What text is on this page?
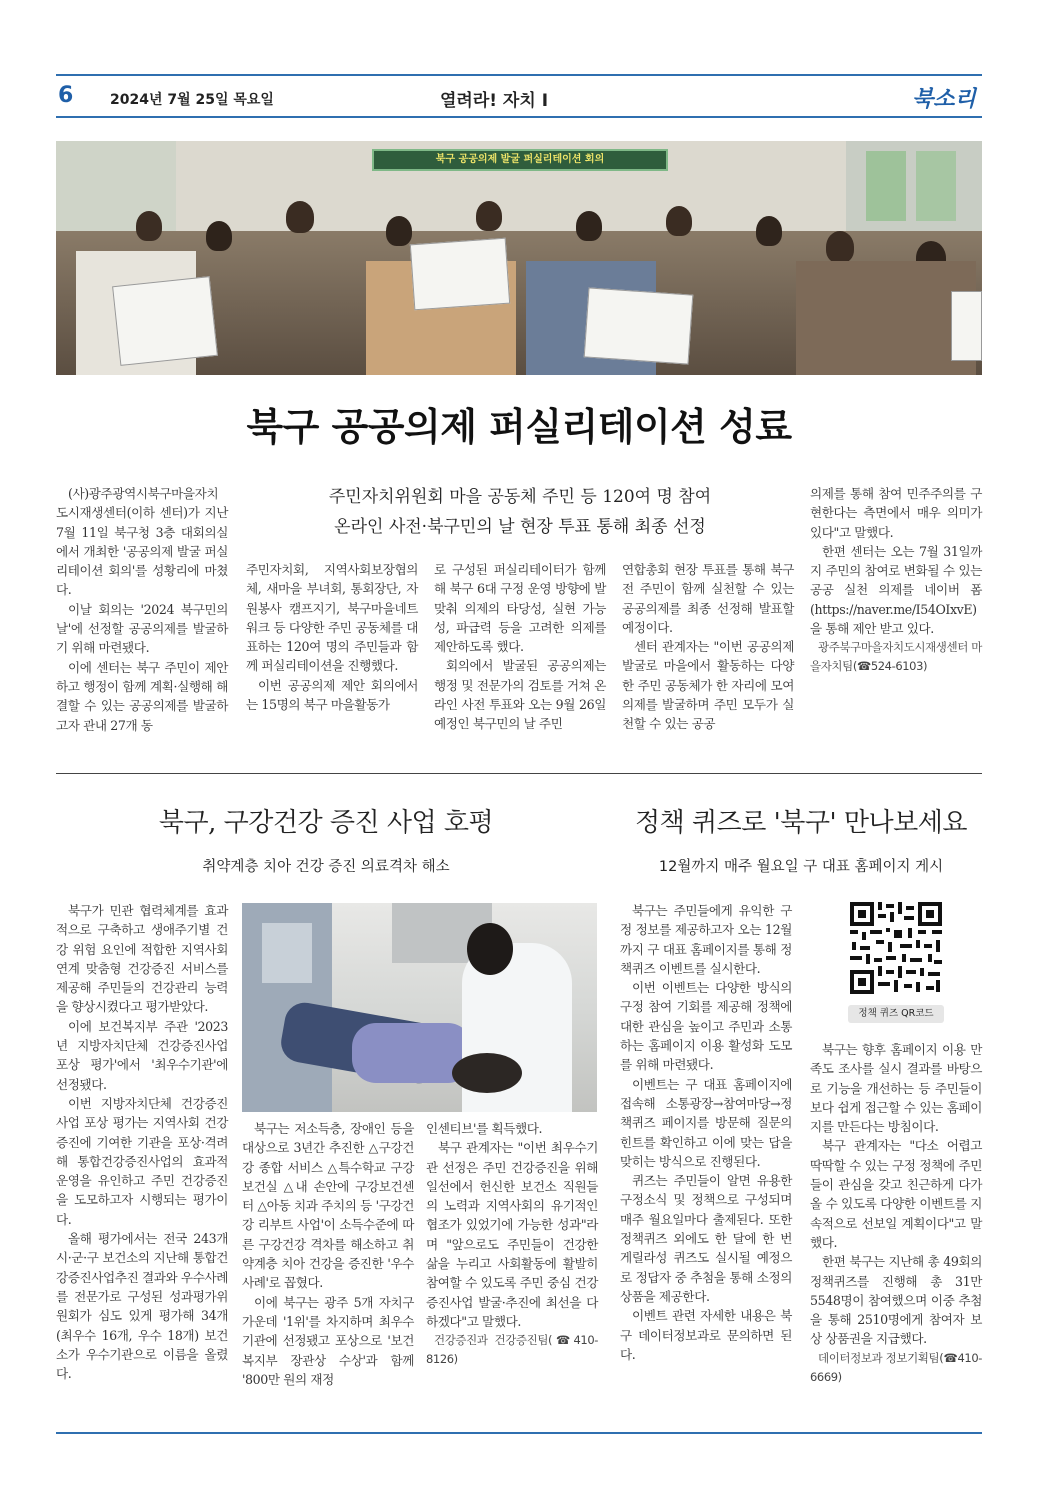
6	2024년 7월 25일 목요일	열려라! 자치 Ⅰ	북소리
북구 공공의제 발굴 퍼실리테이션 회의
북구 공공의제 퍼실리테이션 성료
주민자치위원회 마을 공동체 주민 등 120여 명 참여
온라인 사전·북구민의 날 현장 투표 통해 최종 선정

(사)광주광역시북구마을자치도시재생센터(이하 센터)가 지난 7월 11일 북구청 3층 대회의실에서 개최한 '공공의제 발굴 퍼실리테이션 회의'를 성황리에 마쳤다.

이날 회의는 '2024 북구민의 날'에 선정할 공공의제를 발굴하기 위해 마련됐다.

이에 센터는 북구 주민이 제안하고 행정이 함께 계획·실행해 해결할 수 있는 공공의제를 발굴하고자 관내 27개 동

주민자치회, 지역사회보장협의체, 새마을 부녀회, 통회장단, 자원봉사 캠프지기, 북구마을네트워크 등 다양한 주민 공동체를 대표하는 120여 명의 주민들과 함께 퍼실리테이션을 진행했다.

이번 공공의제 제안 회의에서는 15명의 북구 마을활동가

로 구성된 퍼실리테이터가 함께해 북구 6대 구정 운영 방향에 발맞춰 의제의 타당성, 실현 가능성, 파급력 등을 고려한 의제를 제안하도록 했다.

회의에서 발굴된 공공의제는 행정 및 전문가의 검토를 거쳐 온라인 사전 투표와 오는 9월 26일 예정인 북구민의 날 주민

연합총회 현장 투표를 통해 북구 전 주민이 함께 실천할 수 있는 공공의제를 최종 선정해 발표할 예정이다.

센터 관계자는 "이번 공공의제 발굴로 마을에서 활동하는 다양한 주민 공동체가 한 자리에 모여 의제를 발굴하며 주민 모두가 실천할 수 있는 공공

의제를 통해 참여 민주주의를 구현한다는 측면에서 매우 의미가 있다"고 말했다.

한편 센터는 오는 7월 31일까지 주민의 참여로 변화될 수 있는 공공 실천 의제를 네이버 폼(https://naver.me/I54OIxvE)을 통해 제안 받고 있다.

광주북구마을자치도시재생센터 마을자치팀(☎524-6103)

북구, 구강건강 증진 사업 호평
취약계층 치아 건강 증진 의료격차 해소

북구가 민관 협력체계를 효과적으로 구축하고 생애주기별 건강 위험 요인에 적합한 지역사회 연계 맞춤형 건강증진 서비스를 제공해 주민들의 건강관리 능력을 향상시켰다고 평가받았다.

이에 보건복지부 주관 '2023년 지방자치단체 건강증진사업 포상 평가'에서 '최우수기관'에 선정됐다.

이번 지방자치단체 건강증진사업 포상 평가는 지역사회 건강증진에 기여한 기관을 포상·격려해 통합건강증진사업의 효과적 운영을 유인하고 주민 건강증진을 도모하고자 시행되는 평가이다.

올해 평가에서는 전국 243개 시·군·구 보건소의 지난해 통합건강증진사업추진 결과와 우수사례를 전문가로 구성된 성과평가위원회가 심도 있게 평가해 34개(최우수 16개, 우수 18개) 보건소가 우수기관으로 이름을 올렸다.

북구는 저소득층, 장애인 등을 대상으로 3년간 추진한 △구강건강 종합 서비스 △특수학교 구강보건실 △내 손안에 구강보건센터 △아동 치과 주치의 등 '구강건강 리부트 사업'이 소득수준에 따른 구강건강 격차를 해소하고 취약계층 치아 건강을 증진한 '우수사례'로 꼽혔다.

이에 북구는 광주 5개 자치구 가운데 '1위'를 차지하며 최우수기관에 선정됐고 포상으로 '보건복지부 장관상 수상'과 함께 '800만 원의 재정

인센티브'를 획득했다.

북구 관계자는 "이번 최우수기관 선정은 주민 건강증진을 위해 일선에서 헌신한 보건소 직원들의 노력과 지역사회의 유기적인 협조가 있었기에 가능한 성과"라며 "앞으로도 주민들이 건강한 삶을 누리고 사회활동에 활발히 참여할 수 있도록 주민 중심 건강증진사업 발굴·추진에 최선을 다하겠다"고 말했다.

건강증진과 건강증진팀(☎410-8126)

정책 퀴즈로 '북구' 만나보세요
12월까지 매주 월요일 구 대표 홈페이지 게시

북구는 주민들에게 유익한 구정 정보를 제공하고자 오는 12월까지 구 대표 홈페이지를 통해 정책퀴즈 이벤트를 실시한다.

이번 이벤트는 다양한 방식의 구정 참여 기회를 제공해 정책에 대한 관심을 높이고 주민과 소통하는 홈페이지 이용 활성화 도모를 위해 마련됐다.

이벤트는 구 대표 홈페이지에 접속해 소통광장→참여마당→정책퀴즈 페이지를 방문해 질문의 힌트를 확인하고 이에 맞는 답을 맞히는 방식으로 진행된다.

퀴즈는 주민들이 알면 유용한 구정소식 및 정책으로 구성되며 매주 월요일마다 출제된다. 또한 정책퀴즈 외에도 한 달에 한 번 게릴라성 퀴즈도 실시될 예정으로 정답자 중 추첨을 통해 소정의 상품을 제공한다.

이벤트 관련 자세한 내용은 북구 데이터정보과로 문의하면 된다.

정책 퀴즈 QR코드

북구는 향후 홈페이지 이용 만족도 조사를 실시 결과를 바탕으로 기능을 개선하는 등 주민들이 보다 쉽게 접근할 수 있는 홈페이지를 만든다는 방침이다.

북구 관계자는 "다소 어렵고 딱딱할 수 있는 구정 정책에 주민들이 관심을 갖고 친근하게 다가올 수 있도록 다양한 이벤트를 지속적으로 선보일 계획이다"고 말했다.

한편 북구는 지난해 총 49회의 정책퀴즈를 진행해 총 31만 5548명이 참여했으며 이중 추첨을 통해 2510명에게 참여자 보상 상품권을 지급했다.

데이터정보과 정보기획팀(☎410-6669)
